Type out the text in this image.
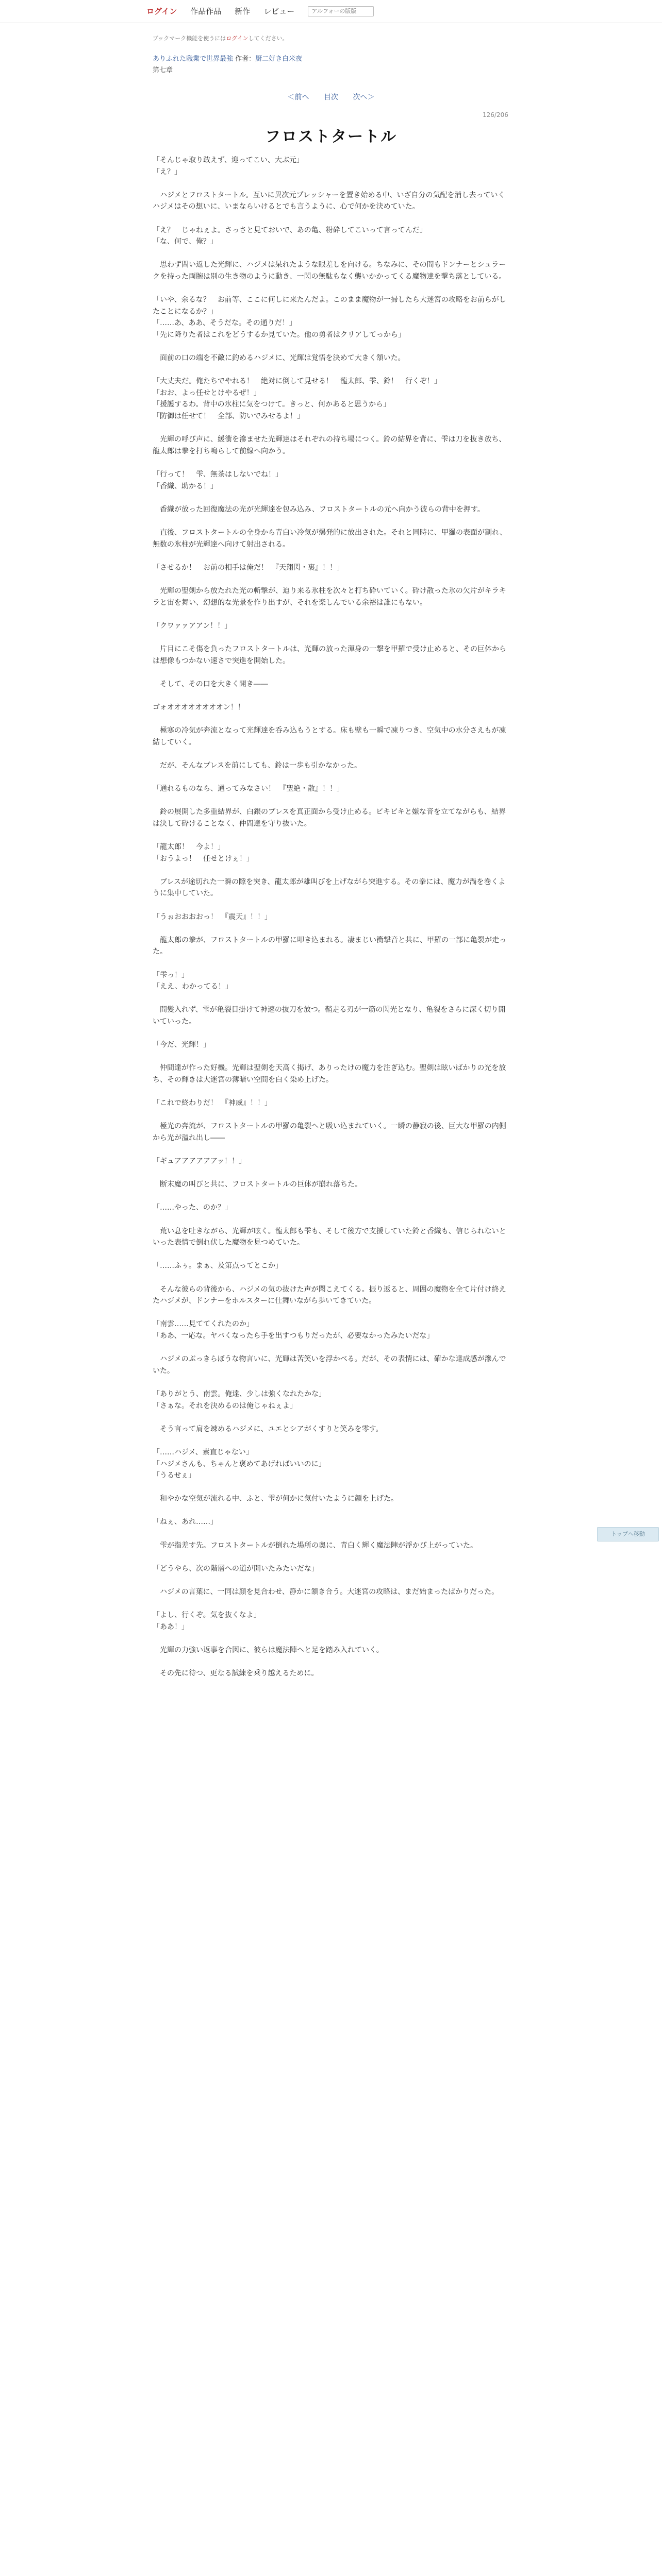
ログイン 作品作品 新作 レビュー
アルフォーの版版
ブックマーク機能を使うにはログインしてください。
ありふれた職業で世界最強 作者：厨二好き白米夜
第七章
＜前へ 目次 次へ＞
126/206
フロストタートル

「そんじゃ取り敢えず、迎ってこい、大ぶ元」
「え？」

　ハジメとフロストタートル。互いに異次元プレッシャーを置き始める中、いざ自分の気配を消し去っていくハジメはその想いに、いまならいけるとでも言うように、心で何かを決めていた。

「え？　じゃねぇよ。さっさと見ておいで、あの亀、粉砕してこいって言ってんだ」
「な、何で、俺？」

　思わず問い返した光輝に、ハジメは呆れたような眼差しを向ける。ちなみに、その間もドンナーとシュラークを持った両腕は別の生き物のように動き、一閃の無駄もなく襲いかかってくる魔物達を撃ち落としている。

「いや、余るな？　お前等、ここに何しに来たんだよ。このまま魔物が一掃したら大迷宮の攻略をお前らがしたことになるか？」
「……あ、ああ、そうだな。その通りだ！」
「先に降りた者はこれをどうするか見ていた。他の勇者はクリアしてっから」

　面前の口の端を不敵に釣めるハジメに、光輝は覚悟を決めて大きく頷いた。

「大丈夫だ。俺たちでやれる！　絶対に倒して見せる！　龍太郎、雫、鈴！　行くぞ！」
「おお、よっ任せとけやるぜ！」
「援護するわ。背中の氷柱に気をつけて。きっと、何かあると思うから」
「防御は任せて！　全部、防いでみせるよ！」

　光輝の呼び声に、緩衝を滲ませた光輝達はそれぞれの持ち場につく。鈴の結界を背に、雫は刀を抜き放ち、龍太郎は拳を打ち鳴らして前線へ向かう。

「行って！　雫、無茶はしないでね！」
「香織、助かる！」

　香織が放った回復魔法の光が光輝達を包み込み、フロストタートルの元へ向かう彼らの背中を押す。

　直後、フロストタートルの全身から青白い冷気が爆発的に放出された。それと同時に、甲羅の表面が割れ、無数の氷柱が光輝達へ向けて射出される。

「させるか！　お前の相手は俺だ！　『天翔閃・裏』！！」

　光輝の聖剣から放たれた光の斬撃が、迫り来る氷柱を次々と打ち砕いていく。砕け散った氷の欠片がキラキラと宙を舞い、幻想的な光景を作り出すが、それを楽しんでいる余裕は誰にもない。

「クワァァアアン！！」

　片目にこそ傷を負ったフロストタートルは、光輝の放った渾身の一撃を甲羅で受け止めると、その巨体からは想像もつかない速さで突進を開始した。

　そして、その口を大きく開き――

ゴォオオオオオオオオン！！

　極寒の冷気が奔流となって光輝達を呑み込もうとする。床も壁も一瞬で凍りつき、空気中の水分さえもが凍結していく。

　だが、そんなブレスを前にしても、鈴は一歩も引かなかった。

「通れるものなら、通ってみなさい！　『聖絶・散』！！」

　鈴の展開した多重結界が、白銀のブレスを真正面から受け止める。ビキビキと嫌な音を立てながらも、結界は決して砕けることなく、仲間達を守り抜いた。

「龍太郎！　今よ！」
「おうよっ！　任せとけぇ！」

　ブレスが途切れた一瞬の隙を突き、龍太郎が雄叫びを上げながら突進する。その拳には、魔力が渦を巻くように集中していた。

「うぉおおおおっ！　『震天』！！」

　龍太郎の拳が、フロストタートルの甲羅に叩き込まれる。凄まじい衝撃音と共に、甲羅の一部に亀裂が走った。

「雫っ！」
「ええ、わかってる！」

　間髪入れず、雫が亀裂目掛けて神速の抜刀を放つ。鞘走る刃が一筋の閃光となり、亀裂をさらに深く切り開いていった。

「今だ、光輝！」

　仲間達が作った好機。光輝は聖剣を天高く掲げ、ありったけの魔力を注ぎ込む。聖剣は眩いばかりの光を放ち、その輝きは大迷宮の薄暗い空間を白く染め上げた。

「これで終わりだ！　『神威』！！」

　極光の奔流が、フロストタートルの甲羅の亀裂へと吸い込まれていく。一瞬の静寂の後、巨大な甲羅の内側から光が溢れ出し――

「ギュアアアアアアッ！！」

　断末魔の叫びと共に、フロストタートルの巨体が崩れ落ちた。

「……やった、のか？」

　荒い息を吐きながら、光輝が呟く。龍太郎も雫も、そして後方で支援していた鈴と香織も、信じられないといった表情で倒れ伏した魔物を見つめていた。

「……ふぅ。まぁ、及第点ってとこか」

　そんな彼らの背後から、ハジメの気の抜けた声が聞こえてくる。振り返ると、周囲の魔物を全て片付け終えたハジメが、ドンナーをホルスターに仕舞いながら歩いてきていた。

「南雲……見ててくれたのか」
「ああ、一応な。ヤバくなったら手を出すつもりだったが、必要なかったみたいだな」

　ハジメのぶっきらぼうな物言いに、光輝は苦笑いを浮かべる。だが、その表情には、確かな達成感が滲んでいた。

「ありがとう、南雲。俺達、少しは強くなれたかな」
「さぁな。それを決めるのは俺じゃねぇよ」

　そう言って肩を竦めるハジメに、ユエとシアがくすりと笑みを零す。

「……ハジメ、素直じゃない」
「ハジメさんも、ちゃんと褒めてあげればいいのに」
「うるせぇ」

　和やかな空気が流れる中、ふと、雫が何かに気付いたように顔を上げた。

「ねぇ、あれ……」

　雫が指差す先。フロストタートルが倒れた場所の奥に、青白く輝く魔法陣が浮かび上がっていた。

「どうやら、次の階層への道が開いたみたいだな」

　ハジメの言葉に、一同は顔を見合わせ、静かに頷き合う。大迷宮の攻略は、まだ始まったばかりだった。

「よし、行くぞ。気を抜くなよ」
「ああ！」

　光輝の力強い返事を合図に、彼らは魔法陣へと足を踏み入れていく。

　その先に待つ、更なる試練を乗り越えるために。

トップへ移動
